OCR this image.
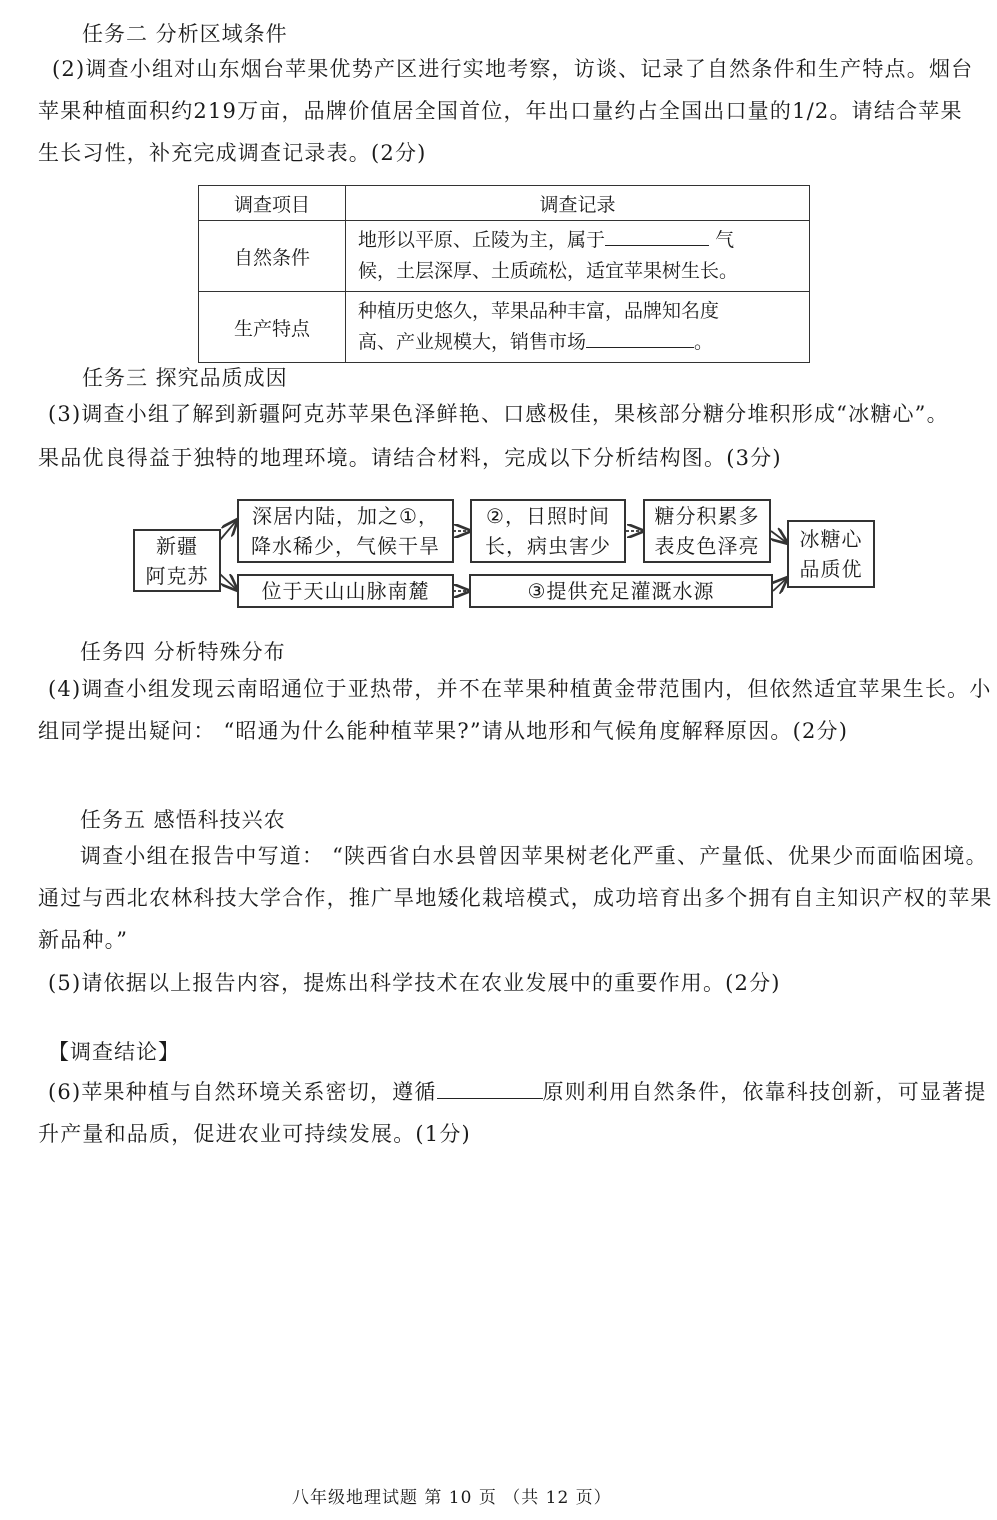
任务二 分析区域条件
(2)调查小组对山东烟台苹果优势产区进行实地考察，访谈、记录了自然条件和生产特点。烟台
苹果种植面积约219万亩，品牌价值居全国首位，年出口量约占全国出口量的1/2。请结合苹果
生长习性，补充完成调查记录表。(2分)
调查项目	调查记录
自然条件	地形以平原、丘陵为主，属于 气
候，土层深厚、土质疏松，适宜苹果树生长。
生产特点	种植历史悠久，苹果品种丰富，品牌知名度
高、产业规模大，销售市场 。
任务三 探究品质成因
(3)调查小组了解到新疆阿克苏苹果色泽鲜艳、口感极佳，果核部分糖分堆积形成“冰糖心”。
果品优良得益于独特的地理环境。请结合材料，完成以下分析结构图。(3分)
新疆
阿克苏
深居内陆，加之①，
降水稀少，气候干旱
②，日照时间
长，病虫害少
糖分积累多
表皮色泽亮 冰糖心
品质优
位于天山山脉南麓	③提供充足灌溉水源
任务四 分析特殊分布
(4)调查小组发现云南昭通位于亚热带，并不在苹果种植黄金带范围内，但依然适宜苹果生长。小
组同学提出疑问： “昭通为什么能种植苹果?”请从地形和气候角度解释原因。(2分)
任务五 感悟科技兴农
调查小组在报告中写道： “陕西省白水县曾因苹果树老化严重、产量低、优果少而面临困境。
通过与西北农林科技大学合作，推广旱地矮化栽培模式，成功培育出多个拥有自主知识产权的苹果
新品种。”
(5)请依据以上报告内容，提炼出科学技术在农业发展中的重要作用。(2分)
【调查结论】
(6)苹果种植与自然环境关系密切，遵循	原则利用自然条件，依靠科技创新，可显著提
升产量和品质，促进农业可持续发展。(1分)
八年级地理试题 第 10 页 （共 12 页）
